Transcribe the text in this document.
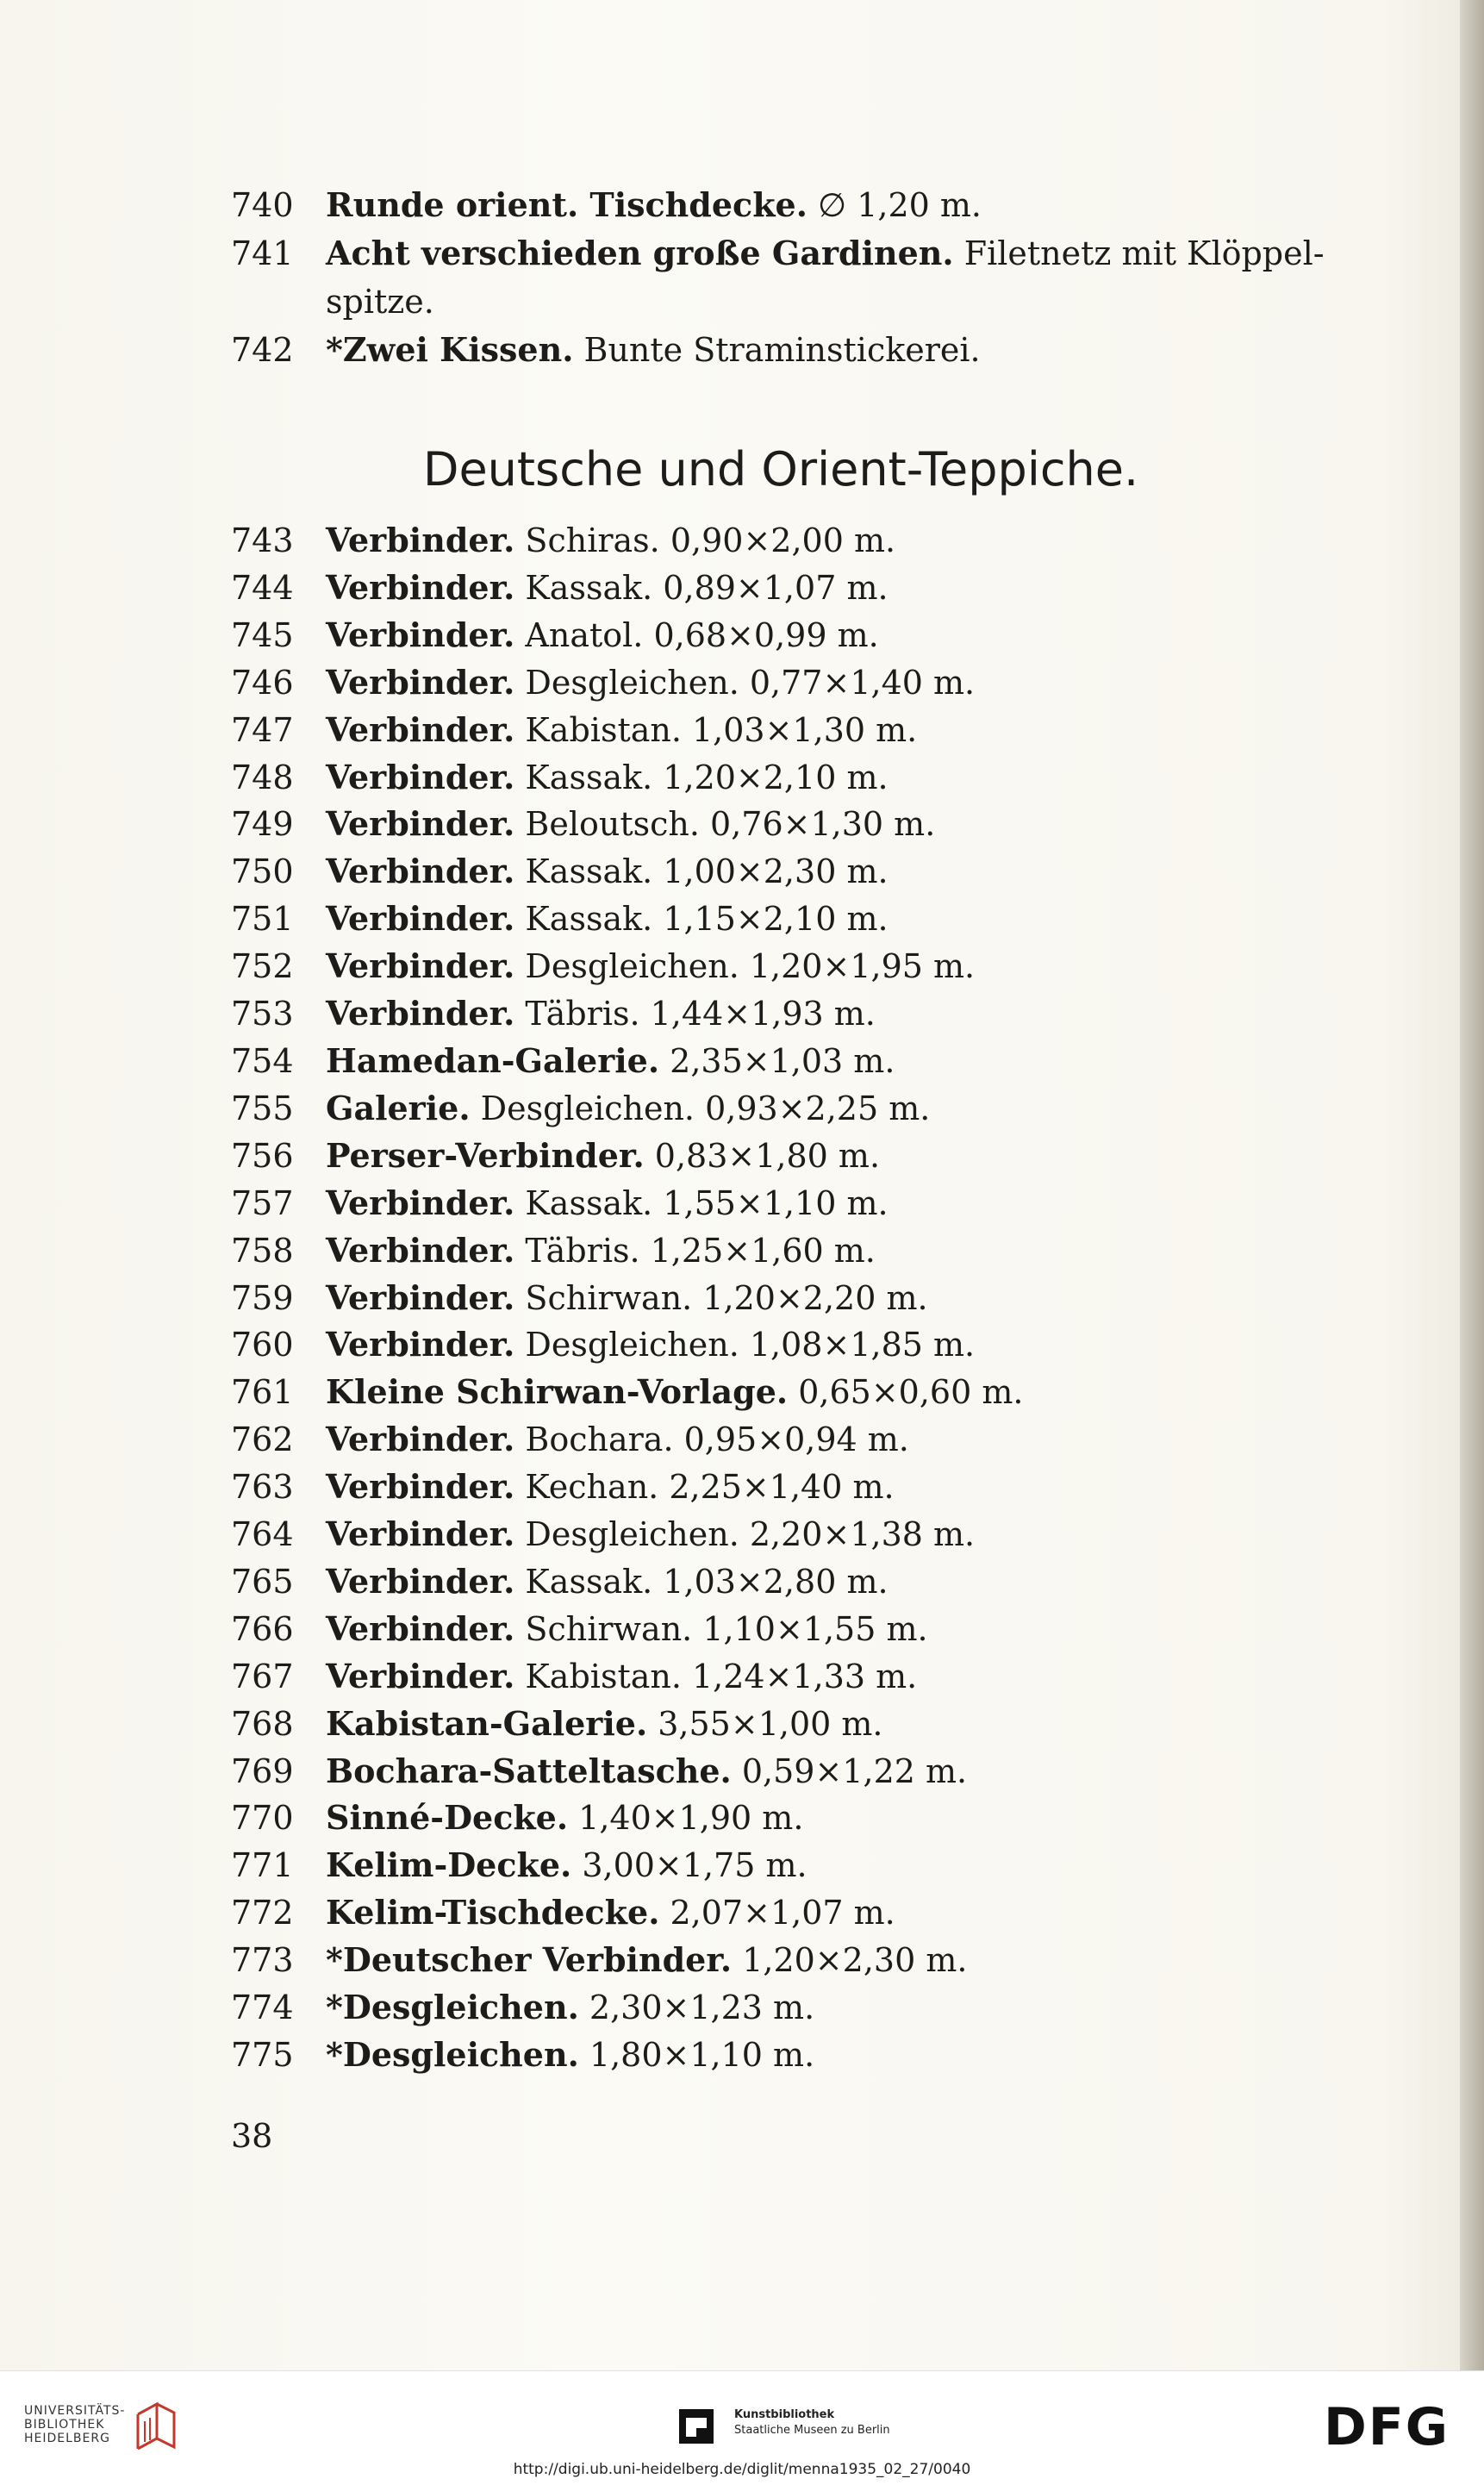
740 Runde orient. Tischdecke. ∅ 1,20 m.
741 Acht verschieden große Gardinen. Filetnetz mit Klöppel-
spitze.
742 *Zwei Kissen. Bunte Straminstickerei.
Deutsche und Orient-Teppiche.
743 Verbinder. Schiras. 0,90×2,00 m.
744 Verbinder. Kassak. 0,89×1,07 m.
745 Verbinder. Anatol. 0,68×0,99 m.
746 Verbinder. Desgleichen. 0,77×1,40 m.
747 Verbinder. Kabistan. 1,03×1,30 m.
748 Verbinder. Kassak. 1,20×2,10 m.
749 Verbinder. Beloutsch. 0,76×1,30 m.
750 Verbinder. Kassak. 1,00×2,30 m.
751 Verbinder. Kassak. 1,15×2,10 m.
752 Verbinder. Desgleichen. 1,20×1,95 m.
753 Verbinder. Täbris. 1,44×1,93 m.
754 Hamedan-Galerie. 2,35×1,03 m.
755 Galerie. Desgleichen. 0,93×2,25 m.
756 Perser-Verbinder. 0,83×1,80 m.
757 Verbinder. Kassak. 1,55×1,10 m.
758 Verbinder. Täbris. 1,25×1,60 m.
759 Verbinder. Schirwan. 1,20×2,20 m.
760 Verbinder. Desgleichen. 1,08×1,85 m.
761 Kleine Schirwan-Vorlage. 0,65×0,60 m.
762 Verbinder. Bochara. 0,95×0,94 m.
763 Verbinder. Kechan. 2,25×1,40 m.
764 Verbinder. Desgleichen. 2,20×1,38 m.
765 Verbinder. Kassak. 1,03×2,80 m.
766 Verbinder. Schirwan. 1,10×1,55 m.
767 Verbinder. Kabistan. 1,24×1,33 m.
768 Kabistan-Galerie. 3,55×1,00 m.
769 Bochara-Satteltasche. 0,59×1,22 m.
770 Sinné-Decke. 1,40×1,90 m.
771 Kelim-Decke. 3,00×1,75 m.
772 Kelim-Tischdecke. 2,07×1,07 m.
773 *Deutscher Verbinder. 1,20×2,30 m.
774 *Desgleichen. 2,30×1,23 m.
775 *Desgleichen. 1,80×1,10 m.
38
UNIVERSITÄTS-
BIBLIOTHEK
HEIDELBERG
Kunstbibliothek
Staatliche Museen zu Berlin	DFG
http://digi.ub.uni-heidelberg.de/diglit/menna1935_02_27/0040
